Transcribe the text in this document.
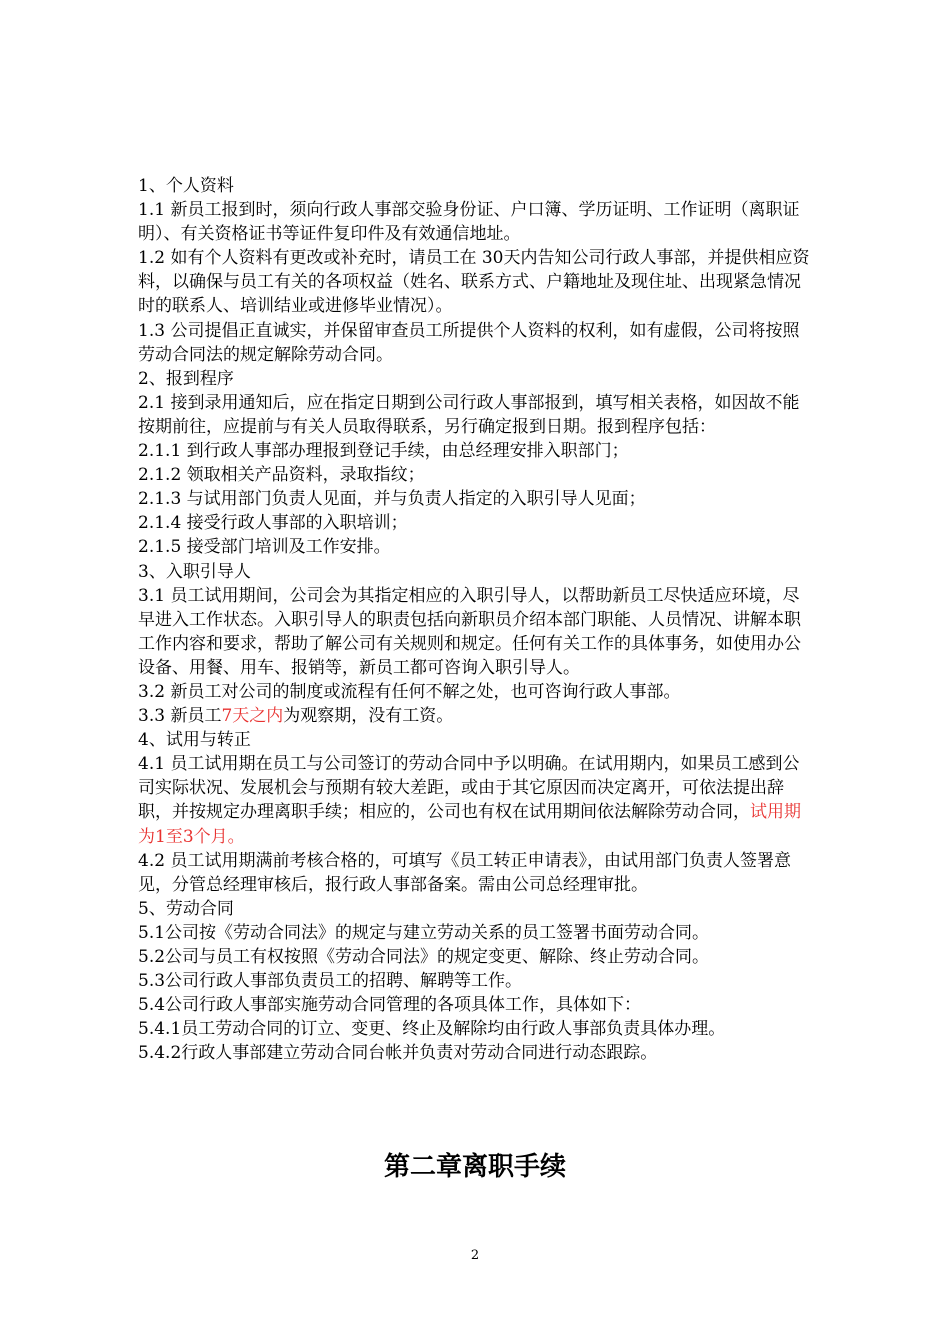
1、个人资料

1.1 新员工报到时，须向行政人事部交验身份证、户口簿、学历证明、工作证明（离职证明）、有关资格证书等证件复印件及有效通信地址。

1.2 如有个人资料有更改或补充时，请员工在 30天内告知公司行政人事部，并提供相应资料，以确保与员工有关的各项权益（姓名、联系方式、户籍地址及现住址、出现紧急情况时的联系人、培训结业或进修毕业情况）。

1.3 公司提倡正直诚实，并保留审查员工所提供个人资料的权利，如有虚假，公司将按照劳动合同法的规定解除劳动合同。

2、报到程序

2.1 接到录用通知后，应在指定日期到公司行政人事部报到，填写相关表格，如因故不能按期前往，应提前与有关人员取得联系，另行确定报到日期。报到程序包括：

2.1.1 到行政人事部办理报到登记手续，由总经理安排入职部门；

2.1.2 领取相关产品资料，录取指纹；

2.1.3 与试用部门负责人见面，并与负责人指定的入职引导人见面；

2.1.4 接受行政人事部的入职培训；

2.1.5 接受部门培训及工作安排。

3、入职引导人

3.1 员工试用期间，公司会为其指定相应的入职引导人，以帮助新员工尽快适应环境，尽早进入工作状态。入职引导人的职责包括向新职员介绍本部门职能、人员情况、讲解本职工作内容和要求，帮助了解公司有关规则和规定。任何有关工作的具体事务，如使用办公设备、用餐、用车、报销等，新员工都可咨询入职引导人。

3.2 新员工对公司的制度或流程有任何不解之处，也可咨询行政人事部。

3.3 新员工7天之内为观察期，没有工资。

4、试用与转正

4.1 员工试用期在员工与公司签订的劳动合同中予以明确。在试用期内，如果员工感到公司实际状况、发展机会与预期有较大差距，或由于其它原因而决定离开，可依法提出辞职，并按规定办理离职手续；相应的，公司也有权在试用期间依法解除劳动合同，试用期为1至3个月。

4.2 员工试用期满前考核合格的，可填写《员工转正申请表》，由试用部门负责人签署意见，分管总经理审核后，报行政人事部备案。需由公司总经理审批。

5、劳动合同

5.1公司按《劳动合同法》的规定与建立劳动关系的员工签署书面劳动合同。

5.2公司与员工有权按照《劳动合同法》的规定变更、解除、终止劳动合同。

5.3公司行政人事部负责员工的招聘、解聘等工作。

5.4公司行政人事部实施劳动合同管理的各项具体工作，具体如下：

5.4.1员工劳动合同的订立、变更、终止及解除均由行政人事部负责具体办理。

5.4.2行政人事部建立劳动合同台帐并负责对劳动合同进行动态跟踪。

第二章离职手续
2
